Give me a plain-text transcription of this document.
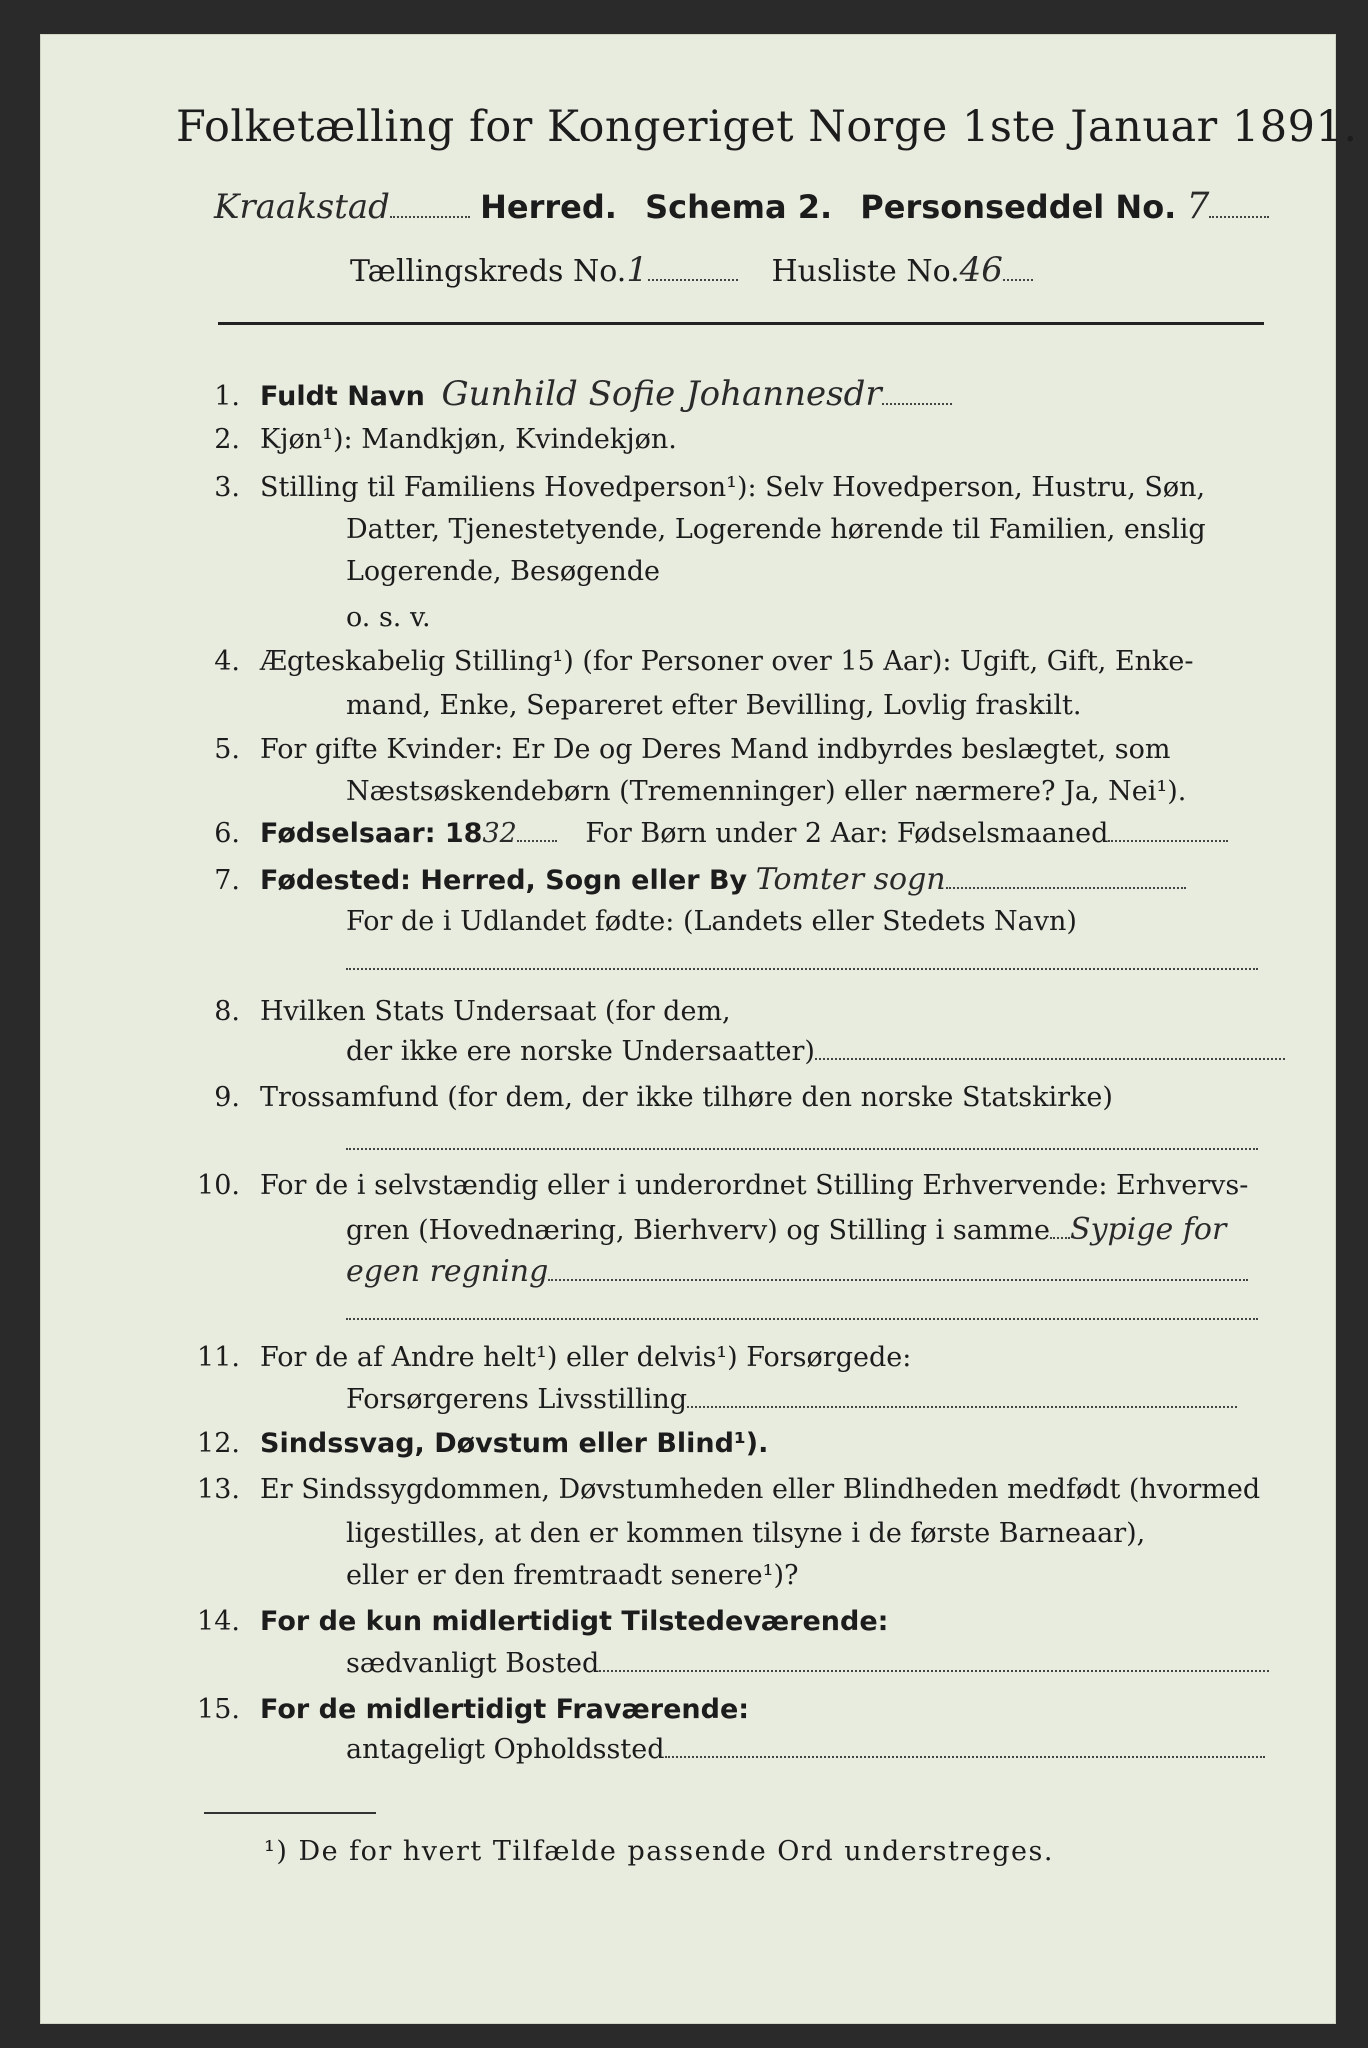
Folketælling for Kongeriget Norge 1ste Januar 1891.
Kraakstad	Herred. Schema 2. Personseddel No. 7
Tællingskreds No.1	Husliste No.46
1. Fuldt Navn Gunhild Sofie Johannesdr
2. Kjøn¹): Mandkjøn, Kvindekjøn.
3. Stilling til Familiens Hovedperson¹): Selv Hovedperson, Hustru, Søn,
Datter, Tjenestetyende, Logerende hørende til Familien, enslig
Logerende, Besøgende
o. s. v.
4. Ægteskabelig Stilling¹) (for Personer over 15 Aar): Ugift, Gift, Enke-
mand, Enke, Separeret efter Bevilling, Lovlig fraskilt.
5. For gifte Kvinder: Er De og Deres Mand indbyrdes beslægtet, som
Næstsøskendebørn (Tremenninger) eller nærmere? Ja, Nei¹).
6. Fødselsaar: 1832	For Børn under 2 Aar: Fødselsmaaned
7. Fødested: Herred, Sogn eller By Tomter sogn
For de i Udlandet fødte: (Landets eller Stedets Navn)
8. Hvilken Stats Undersaat (for dem,
der ikke ere norske Undersaatter)
9. Trossamfund (for dem, der ikke tilhøre den norske Statskirke)
10. For de i selvstændig eller i underordnet Stilling Erhvervende: Erhvervs-
gren (Hovednæring, Bierhverv) og Stilling i samme Sypige for
egen regning
11. For de af Andre helt¹) eller delvis¹) Forsørgede:
Forsørgerens Livsstilling
12. Sindssvag, Døvstum eller Blind¹).
13. Er Sindssygdommen, Døvstumheden eller Blindheden medfødt (hvormed
ligestilles, at den er kommen tilsyne i de første Barneaar),
eller er den fremtraadt senere¹)?
14. For de kun midlertidigt Tilstedeværende:
sædvanligt Bosted
15. For de midlertidigt Fraværende:
antageligt Opholdssted
¹) De for hvert Tilfælde passende Ord understreges.
